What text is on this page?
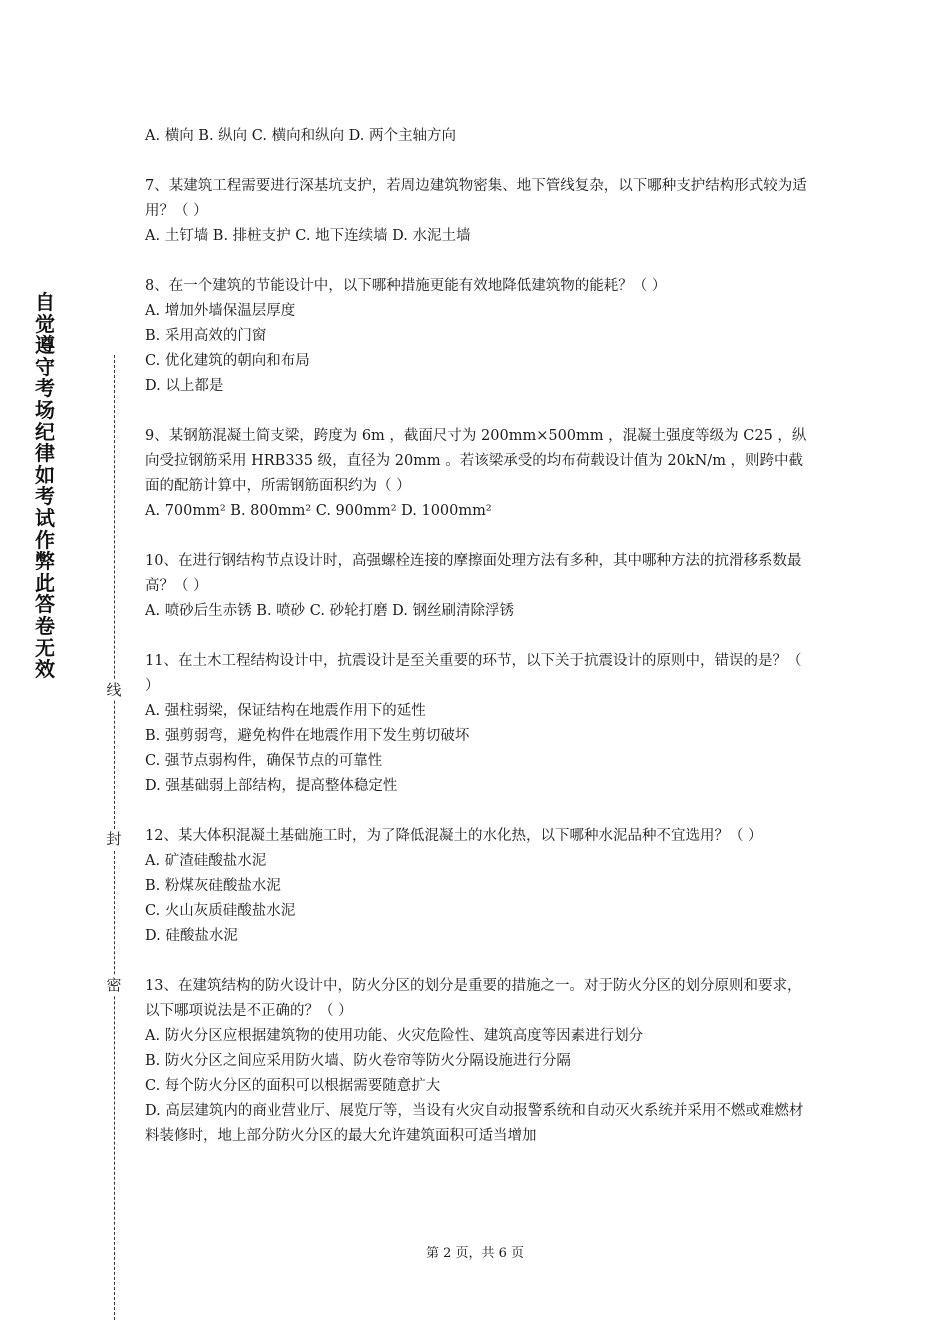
自觉遵守考场纪律如考试作弊此答卷无效
线
封
密
A. 横向 B. 纵向 C. 横向和纵向 D. 两个主轴方向
7、某建筑工程需要进行深基坑支护，若周边建筑物密集、地下管线复杂，以下哪种支护结构形式较为适用？（ ）
A. 土钉墙 B. 排桩支护 C. 地下连续墙 D. 水泥土墙
8、在一个建筑的节能设计中，以下哪种措施更能有效地降低建筑物的能耗？（ ）
A. 增加外墙保温层厚度
B. 采用高效的门窗
C. 优化建筑的朝向和布局
D. 以上都是
9、某钢筋混凝土简支梁，跨度为 6m ，截面尺寸为 200mm×500mm ，混凝土强度等级为 C25 ，纵向受拉钢筋采用 HRB335 级，直径为 20mm 。若该梁承受的均布荷载设计值为 20kN/m ，则跨中截面的配筋计算中，所需钢筋面积约为（ ）
A. 700mm² B. 800mm² C. 900mm² D. 1000mm²
10、在进行钢结构节点设计时，高强螺栓连接的摩擦面处理方法有多种，其中哪种方法的抗滑移系数最高？（ ）
A. 喷砂后生赤锈 B. 喷砂 C. 砂轮打磨 D. 钢丝刷清除浮锈
11、在土木工程结构设计中，抗震设计是至关重要的环节，以下关于抗震设计的原则中，错误的是？（ ）
A. 强柱弱梁，保证结构在地震作用下的延性
B. 强剪弱弯，避免构件在地震作用下发生剪切破坏
C. 强节点弱构件，确保节点的可靠性
D. 强基础弱上部结构，提高整体稳定性
12、某大体积混凝土基础施工时，为了降低混凝土的水化热，以下哪种水泥品种不宜选用？（ ）
A. 矿渣硅酸盐水泥
B. 粉煤灰硅酸盐水泥
C. 火山灰质硅酸盐水泥
D. 硅酸盐水泥
13、在建筑结构的防火设计中，防火分区的划分是重要的措施之一。对于防火分区的划分原则和要求，以下哪项说法是不正确的？（ ）
A. 防火分区应根据建筑物的使用功能、火灾危险性、建筑高度等因素进行划分
B. 防火分区之间应采用防火墙、防火卷帘等防火分隔设施进行分隔
C. 每个防火分区的面积可以根据需要随意扩大
D. 高层建筑内的商业营业厅、展览厅等，当设有火灾自动报警系统和自动灭火系统并采用不燃或难燃材料装修时，地上部分防火分区的最大允许建筑面积可适当增加
第 2 页，共 6 页
